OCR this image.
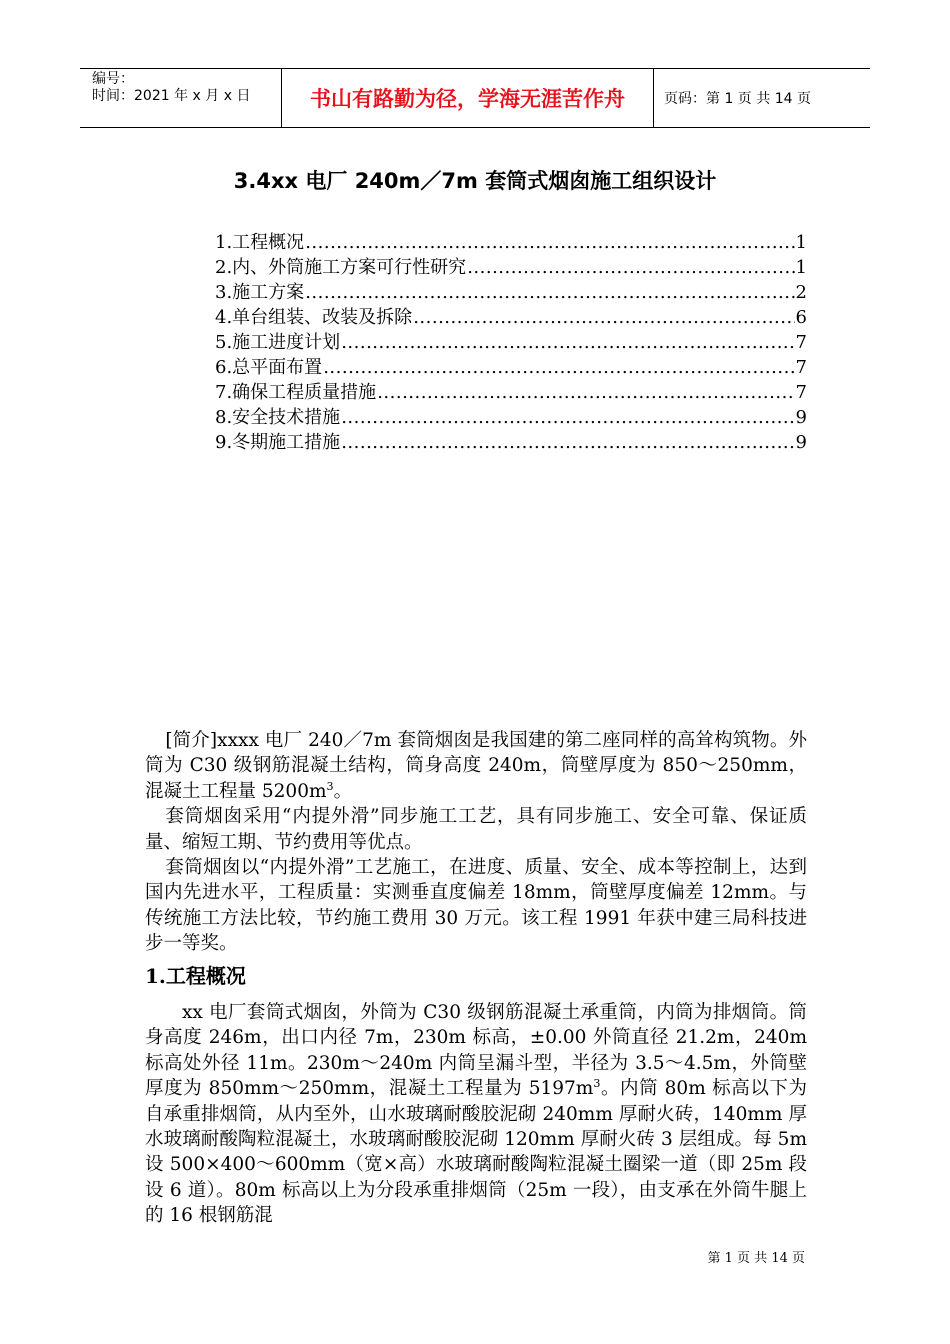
编号：
时间：2021 年 x 月 x 日	书山有路勤为径，学海无涯苦作舟	页码：第 1 页 共 14 页
3.4xx 电厂 240m／7m 套筒式烟囱施工组织设计
1.工程概况 .....	1
2.内、外筒施工方案可行性研究 .....	1
3.施工方案 .....	2
4.单台组装、改装及拆除 .....	6
5.施工进度计划 .....	7
6.总平面布置 .....	7
7.确保工程质量措施 .....	7
8.安全技术措施 .....	9
9.冬期施工措施 .....	9

[简介]xxxx 电厂 240／7m 套筒烟囱是我国建的第二座同样的高耸构筑物。外筒为 C30 级钢筋混凝土结构，筒身高度 240m，筒壁厚度为 850～250mm，混凝土工程量 $5200m^3$。

套筒烟囱采用“内提外滑”同步施工工艺，具有同步施工、安全可靠、保证质量、缩短工期、节约费用等优点。

套筒烟囱以“内提外滑”工艺施工，在进度、质量、安全、成本等控制上，达到国内先进水平，工程质量：实测垂直度偏差 18mm，筒壁厚度偏差 12mm。与传统施工方法比较，节约施工费用 30 万元。该工程 1991 年获中建三局科技进步一等奖。

1.工程概况

xx 电厂套筒式烟囱，外筒为 C30 级钢筋混凝土承重筒，内筒为排烟筒。筒身高度 246m，出口内径 7m，230m 标高，±0.00 外筒直径 21.2m，240m 标高处外径 11m。230m～240m 内筒呈漏斗型，半径为 3.5～4.5m，外筒壁厚度为 850mm～250mm，混凝土工程量为 $5197m^3$。内筒 80m 标高以下为自承重排烟筒，从内至外，山水玻璃耐酸胶泥砌 240mm 厚耐火砖，140mm 厚水玻璃耐酸陶粒混凝土，水玻璃耐酸胶泥砌 120mm 厚耐火砖 3 层组成。每 5m 设 500×400～600mm（宽×高）水玻璃耐酸陶粒混凝土圈梁一道（即 25m 段设 6 道）。80m 标高以上为分段承重排烟筒（25m 一段），由支承在外筒牛腿上的 16 根钢筋混

第 1 页 共 14 页
